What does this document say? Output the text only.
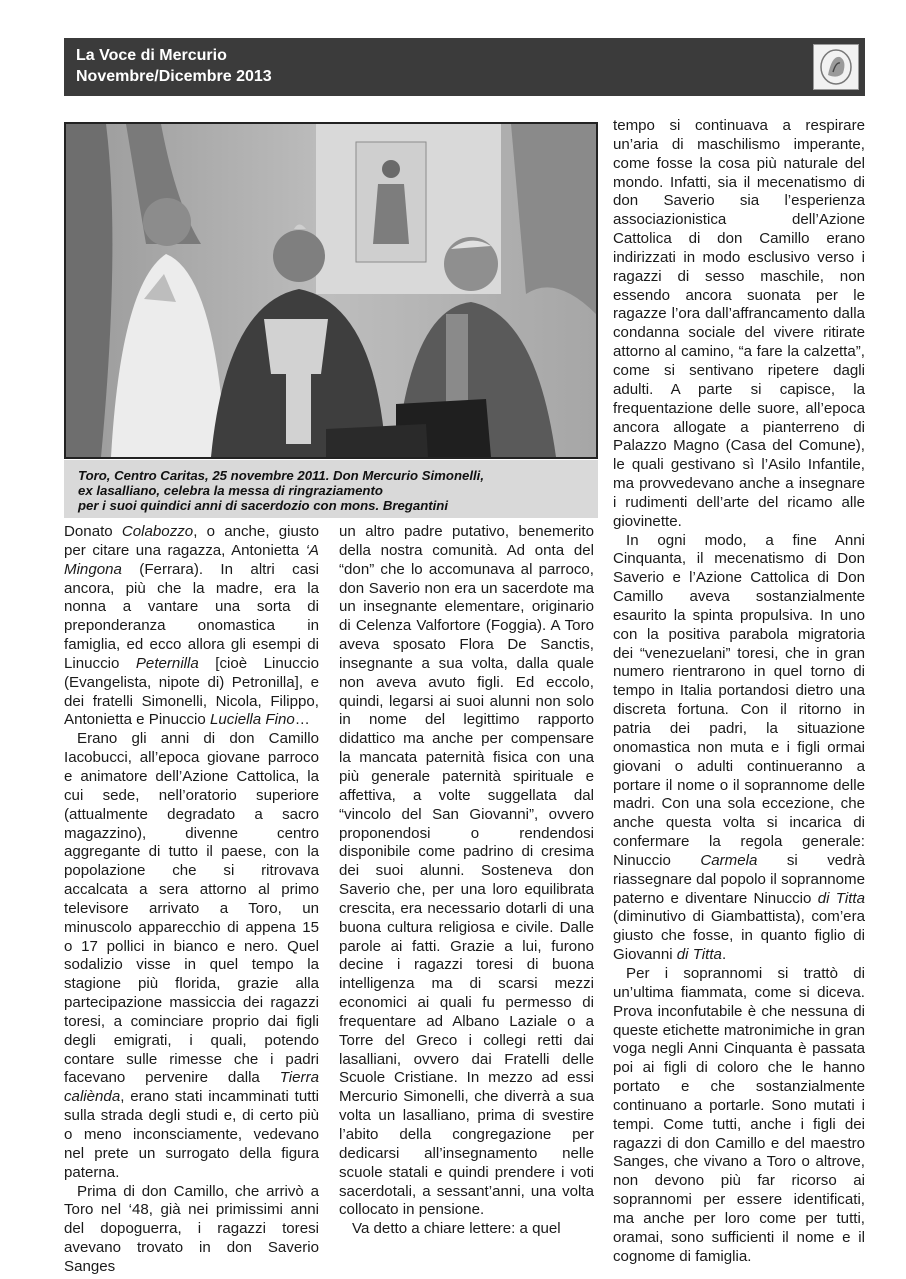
La Voce di Mercurio
Novembre/Dicembre 2013
Toro, Centro Caritas, 25 novembre 2011. Don Mercurio Simonelli,
ex lasalliano, celebra la messa di ringraziamento
per i suoi quindici anni di sacerdozio con mons. Bregantini

Donato Colabozzo, o anche, giusto per citare una ragazza, Antonietta ‘A Mingona (Ferrara). In altri casi ancora, più che la madre, era la nonna a vantare una sorta di preponderanza onomastica in famiglia, ed ecco allora gli esempi di Linuccio Peternilla [cioè Linuccio (Evangelista, nipote di) Petronilla], e dei fratelli Simonelli, Nicola, Filippo, Antonietta e Pinuccio Luciella Fino…

Erano gli anni di don Camillo Iacobucci, all’epoca giovane parroco e animatore dell’Azione Cattolica, la cui sede, nell’oratorio superiore (attualmente degradato a sacro magazzino), divenne centro aggregante di tutto il paese, con la popolazione che si ritrovava accalcata a sera attorno al primo televisore arrivato a Toro, un minuscolo apparecchio di appena 15 o 17 pollici in bianco e nero. Quel sodalizio visse in quel tempo la stagione più florida, grazie alla partecipazione massiccia dei ragazzi toresi, a cominciare proprio dai figli degli emigrati, i quali, potendo contare sulle rimesse che i padri facevano pervenire dalla Tierra caliènda, erano stati incamminati tutti sulla strada degli studi e, di certo più o meno inconsciamente, vedevano nel prete un surrogato della figura paterna.

Prima di don Camillo, che arrivò a Toro nel ‘48, già nei primissimi anni del dopoguerra, i ragazzi toresi avevano trovato in don Saverio Sanges

un altro padre putativo, benemerito della nostra comunità. Ad onta del “don” che lo accomunava al parroco, don Saverio non era un sacerdote ma un insegnante elementare, originario di Celenza Valfortore (Foggia). A Toro aveva sposato Flora De Sanctis, insegnante a sua volta, dalla quale non aveva avuto figli. Ed eccolo, quindi, legarsi ai suoi alunni non solo in nome del legittimo rapporto didattico ma anche per compensare la mancata paternità fisica con una più generale paternità spirituale e affettiva, a volte suggellata dal “vincolo del San Giovanni”, ovvero proponendosi o rendendosi disponibile come padrino di cresima dei suoi alunni. Sosteneva don Saverio che, per una loro equilibrata crescita, era necessario dotarli di una buona cultura religiosa e civile. Dalle parole ai fatti. Grazie a lui, furono decine i ragazzi toresi di buona intelligenza ma di scarsi mezzi economici ai quali fu permesso di frequentare ad Albano Laziale o a Torre del Greco i collegi retti dai lasalliani, ovvero dai Fratelli delle Scuole Cristiane. In mezzo ad essi Mercurio Simonelli, che diverrà a sua volta un lasalliano, prima di svestire l’abito della congregazione per dedicarsi all’insegnamento nelle scuole statali e quindi prendere i voti sacerdotali, a sessant’anni, una volta collocato in pensione.

Va detto a chiare lettere: a quel

tempo si continuava a respirare un’aria di maschilismo imperante, come fosse la cosa più naturale del mondo. Infatti, sia il mecenatismo di don Saverio sia l’esperienza associazionistica dell’Azione Cattolica di don Camillo erano indirizzati in modo esclusivo verso i ragazzi di sesso maschile, non essendo ancora suonata per le ragazze l’ora dall’affrancamento dalla condanna sociale del vivere ritirate attorno al camino, “a fare la calzetta”, come si sentivano ripetere dagli adulti. A parte si capisce, la frequentazione delle suore, all’epoca ancora allogate a pianterreno di Palazzo Magno (Casa del Comune), le quali gestivano sì l’Asilo Infantile, ma provvedevano anche a insegnare i rudimenti dell’arte del ricamo alle giovinette.

In ogni modo, a fine Anni Cinquanta, il mecenatismo di Don Saverio e l’Azione Cattolica di Don Camillo aveva sostanzialmente esaurito la spinta propulsiva. In uno con la positiva parabola migratoria dei “venezuelani” toresi, che in gran numero rientrarono in quel torno di tempo in Italia portandosi dietro una discreta fortuna. Con il ritorno in patria dei padri, la situazione onomastica non muta e i figli ormai giovani o adulti continueranno a portare il nome o il soprannome delle madri. Con una sola eccezione, che anche questa volta si incarica di confermare la regola generale: Ninuccio Carmela si vedrà riassegnare dal popolo il soprannome paterno e diventare Ninuccio di Titta (diminutivo di Giambattista), com’era giusto che fosse, in quanto figlio di Giovanni di Titta.

Per i soprannomi si trattò di un’ultima fiammata, come si diceva. Prova inconfutabile è che nessuna di queste etichette matronimiche in gran voga negli Anni Cinquanta è passata poi ai figli di coloro che le hanno portato e che sostanzialmente continuano a portarle. Sono mutati i tempi. Come tutti, anche i figli dei ragazzi di don Camillo e del maestro Sanges, che vivano a Toro o altrove, non devono più far ricorso ai soprannomi per essere identificati, ma anche per loro come per tutti, oramai, sono sufficienti il nome e il cognome di famiglia.
